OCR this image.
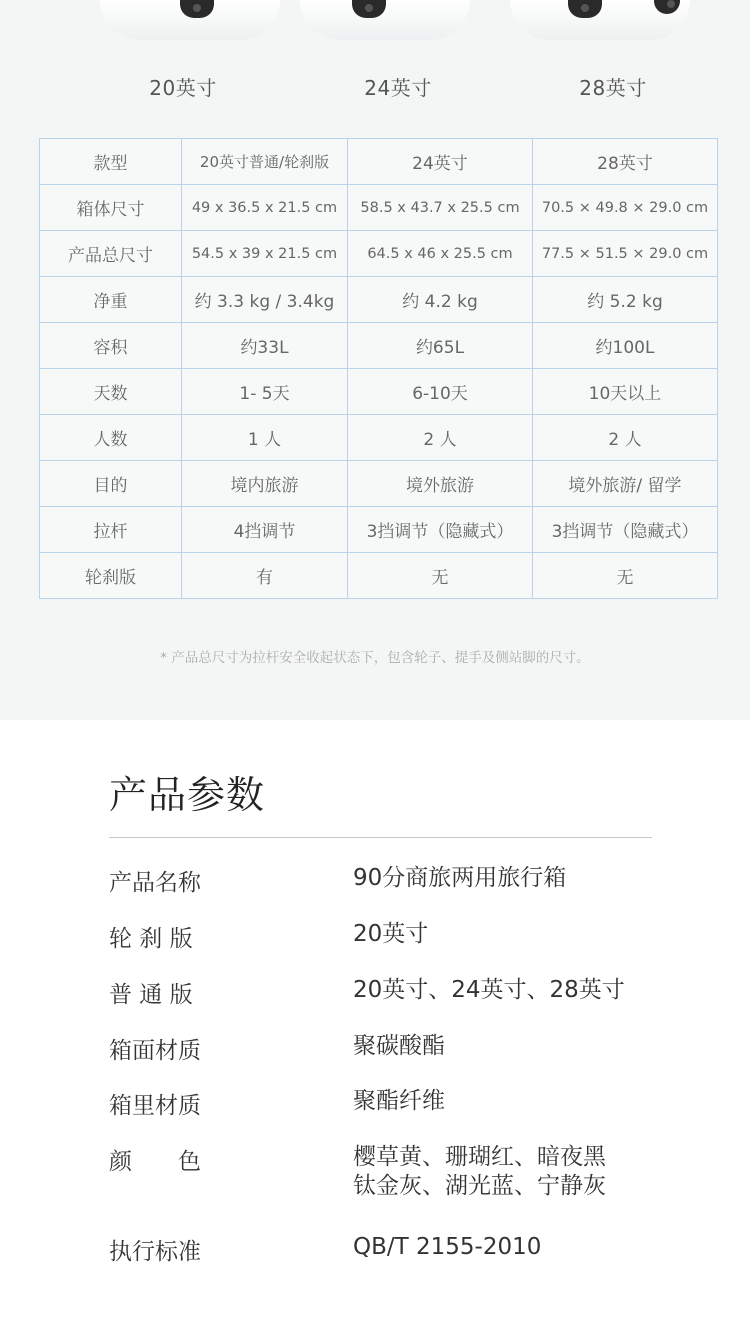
20英寸	24英寸	28英寸
款型	20英寸普通/轮刹版	24英寸	28英寸
箱体尺寸	49 x 36.5 x 21.5 cm	58.5 x 43.7 x 25.5 cm	70.5 × 49.8 × 29.0 cm
产品总尺寸	54.5 x 39 x 21.5 cm	64.5 x 46 x 25.5 cm	77.5 × 51.5 × 29.0 cm
净重	约 3.3 kg / 3.4kg	约 4.2 kg	约 5.2 kg
容积	约33L	约65L	约100L
天数	1- 5天	6-10天	10天以上
人数	1 人	2 人	2 人
目的	境内旅游	境外旅游	境外旅游/ 留学
拉杆	4挡调节	3挡调节（隐藏式）	3挡调节（隐藏式）
轮刹版	有	无	无
* 产品总尺寸为拉杆安全收起状态下，包含轮子、提手及侧站脚的尺寸。
产品参数
产品名称	90分商旅两用旅行箱
轮 刹 版	20英寸
普 通 版	20英寸、24英寸、28英寸
箱面材质	聚碳酸酯
箱里材质	聚酯纤维
颜色	樱草黄、珊瑚红、暗夜黑
钛金灰、湖光蓝、宁静灰
执行标准	QB/T 2155-2010
